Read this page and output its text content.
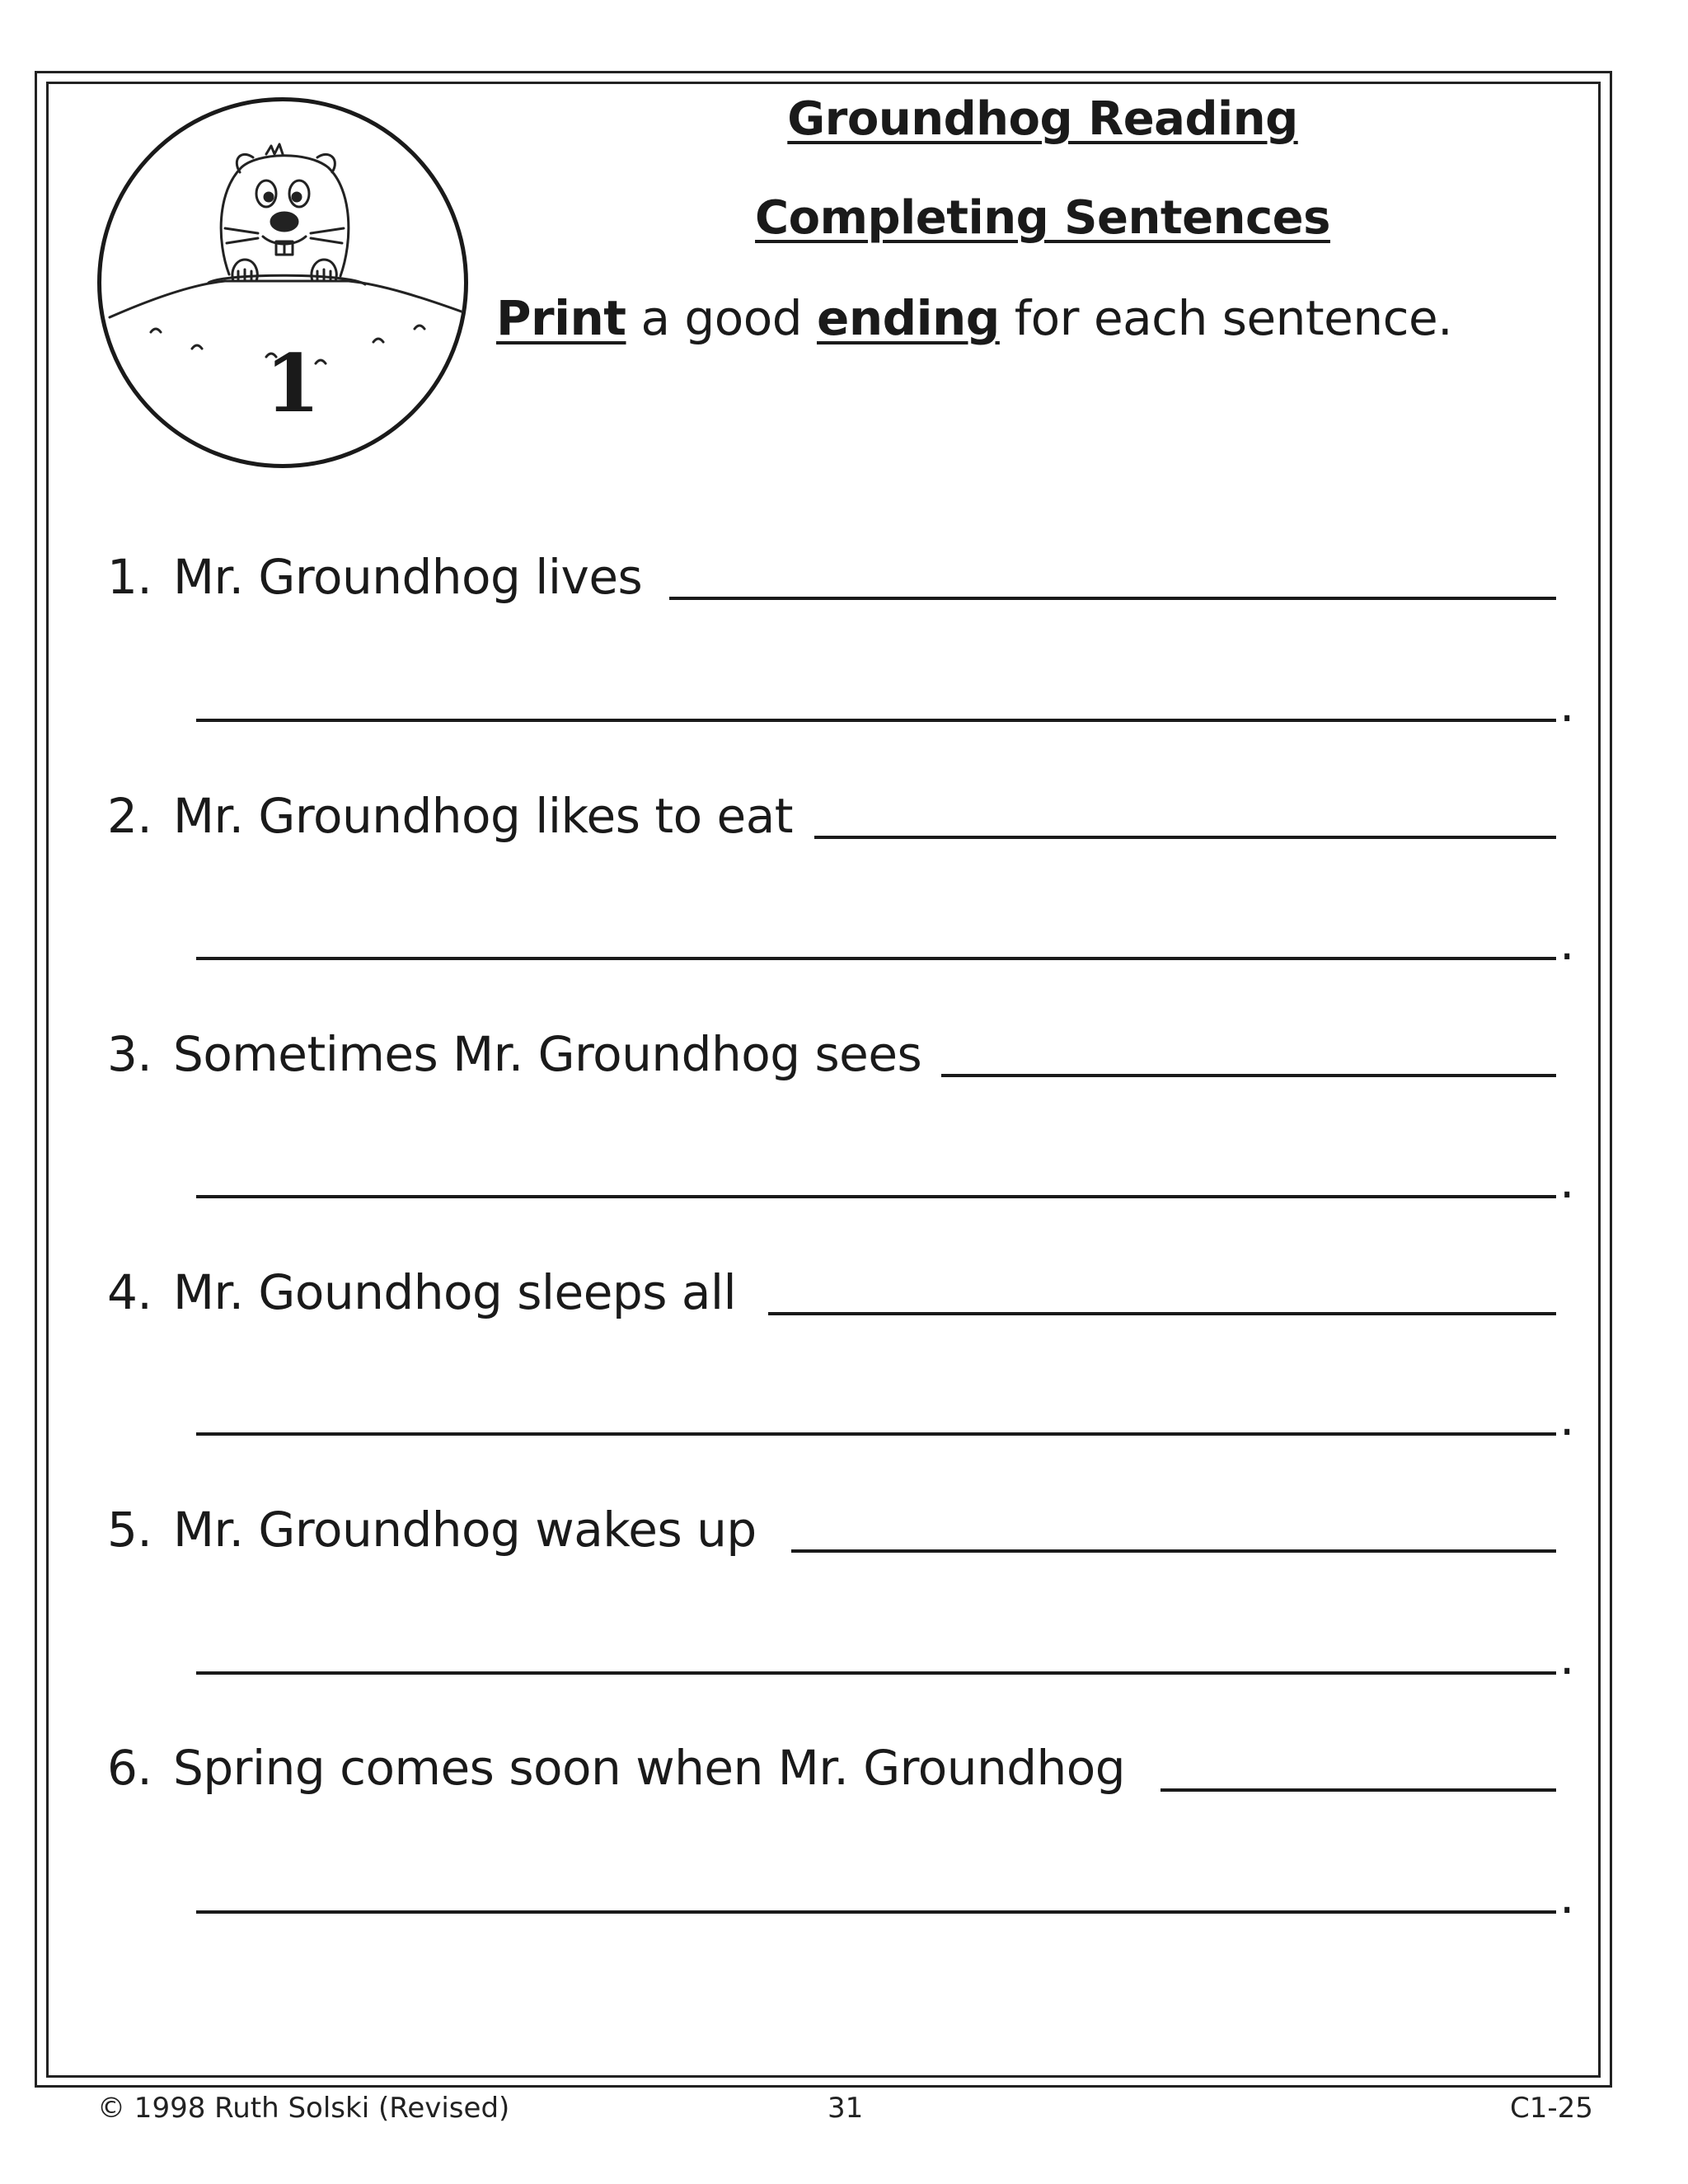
1
Groundhog Reading
Completing Sentences
Print a good ending for each sentence.
1. Mr. Groundhog lives
.
2. Mr. Groundhog likes to eat
.
3. Sometimes Mr. Groundhog sees
.
4. Mr. Goundhog sleeps all
.
5. Mr. Groundhog wakes up
.
6. Spring comes soon when Mr. Groundhog
.
© 1998 Ruth Solski (Revised)	31	C1-25
